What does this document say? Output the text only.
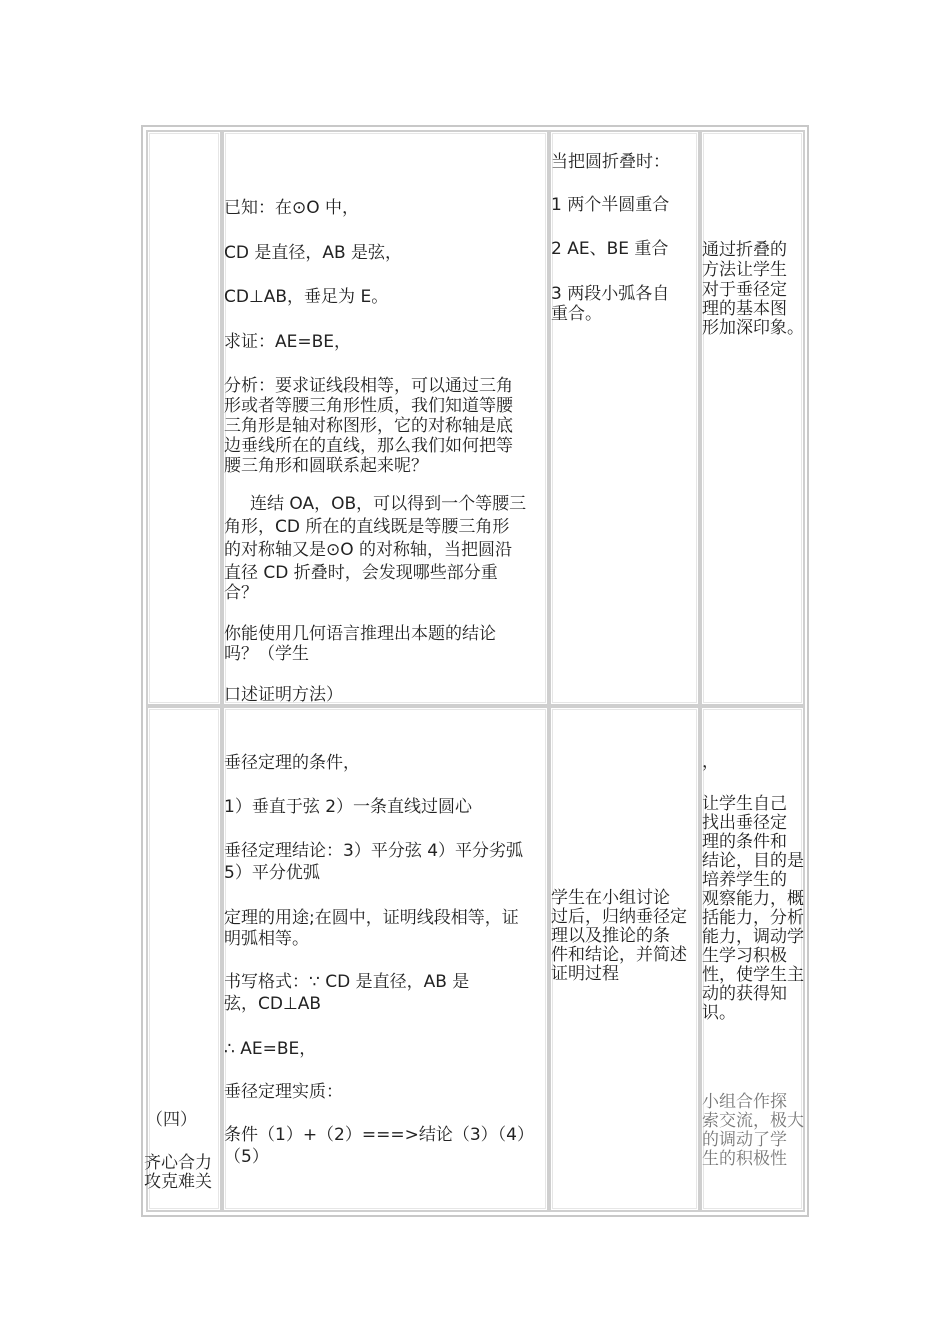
已知：在⊙O 中，
CD 是直径，AB 是弦，
CD⊥AB，垂足为 E。
求证：AE=BE，
分析：要求证线段相等，可以通过三角
形或者等腰三角形性质，我们知道等腰
三角形是轴对称图形，它的对称轴是底
边垂线所在的直线，那么我们如何把等
腰三角形和圆联系起来呢？
连结 OA，OB，可以得到一个等腰三
角形，CD 所在的直线既是等腰三角形
的对称轴又是⊙O 的对称轴，当把圆沿
直径 CD 折叠时，会发现哪些部分重
合？
你能使用几何语言推理出本题的结论
吗？（学生
口述证明方法）
当把圆折叠时：
1 两个半圆重合
2 AE、BE 重合
3 两段小弧各自
重合。
通过折叠的
方法让学生
对于垂径定
理的基本图
形加深印象。
（四）
齐心合力
攻克难关
垂径定理的条件，
1）垂直于弦 2）一条直线过圆心
垂径定理结论：3）平分弦 4）平分劣弧
5）平分优弧
定理的用途;在圆中，证明线段相等，证
明弧相等。
书写格式：∵ CD 是直径，AB 是
弦，CD⊥AB
∴ AE=BE，
垂径定理实质：
条件（1）+（2）===>结论（3）（4）
（5）
学生在小组讨论
过后，归纳垂径定
理以及推论的条
件和结论，并简述
证明过程
，
让学生自己
找出垂径定
理的条件和
结论，目的是
培养学生的
观察能力，概
括能力，分析
能力，调动学
生学习积极
性，使学生主
动的获得知
识。
小组合作探
索交流，极大
的调动了学
生的积极性
